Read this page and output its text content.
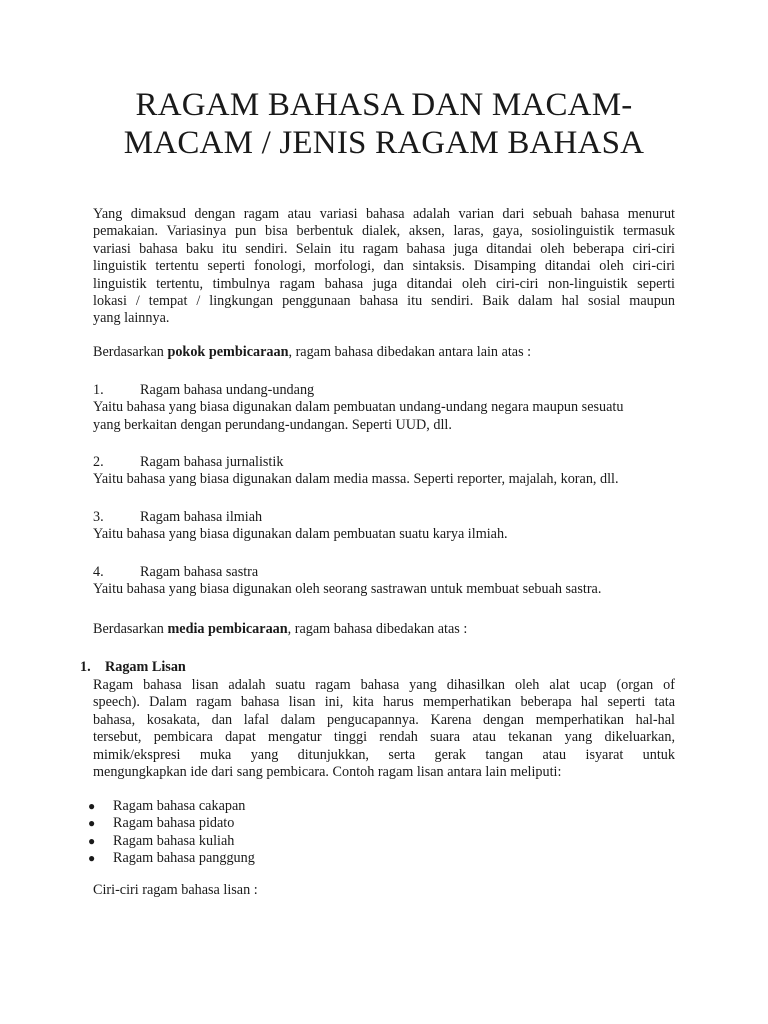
RAGAM BAHASA DAN MACAM-
MACAM / JENIS RAGAM BAHASA

Yang dimaksud dengan ragam atau variasi bahasa adalah varian dari sebuah bahasa menurut
pemakaian. Variasinya pun bisa berbentuk dialek, aksen, laras, gaya, sosiolinguistik termasuk
variasi bahasa baku itu sendiri. Selain itu ragam bahasa juga ditandai oleh beberapa ciri-ciri
linguistik tertentu seperti fonologi, morfologi, dan sintaksis. Disamping ditandai oleh ciri-ciri
linguistik tertentu, timbulnya ragam bahasa juga ditandai oleh ciri-ciri non-linguistik seperti
lokasi / tempat / lingkungan penggunaan bahasa itu sendiri. Baik dalam hal sosial maupun
yang lainnya.

Berdasarkan pokok pembicaraan, ragam bahasa dibedakan antara lain atas :

1.	Ragam bahasa undang-undang
Yaitu bahasa yang biasa digunakan dalam pembuatan undang-undang negara maupun sesuatu
yang berkaitan dengan perundang-undangan. Seperti UUD, dll.

2.	Ragam bahasa jurnalistik
Yaitu bahasa yang biasa digunakan dalam media massa. Seperti reporter, majalah, koran, dll.

3.	Ragam bahasa ilmiah
Yaitu bahasa yang biasa digunakan dalam pembuatan suatu karya ilmiah.

4.	Ragam bahasa sastra
Yaitu bahasa yang biasa digunakan oleh seorang sastrawan untuk membuat sebuah sastra.

Berdasarkan media pembicaraan, ragam bahasa dibedakan atas :

1. Ragam Lisan

Ragam bahasa lisan adalah suatu ragam bahasa yang dihasilkan oleh alat ucap (organ of
speech). Dalam ragam bahasa lisan ini, kita harus memperhatikan beberapa hal seperti tata
bahasa, kosakata, dan lafal dalam pengucapannya. Karena dengan memperhatikan hal-hal
tersebut, pembicara dapat mengatur tinggi rendah suara atau tekanan yang dikeluarkan,
mimik/ekspresi muka yang ditunjukkan, serta gerak tangan atau isyarat untuk
mengungkapkan ide dari sang pembicara. Contoh ragam lisan antara lain meliputi:

● Ragam bahasa cakapan
● Ragam bahasa pidato
● Ragam bahasa kuliah
● Ragam bahasa panggung

Ciri-ciri ragam bahasa lisan :
